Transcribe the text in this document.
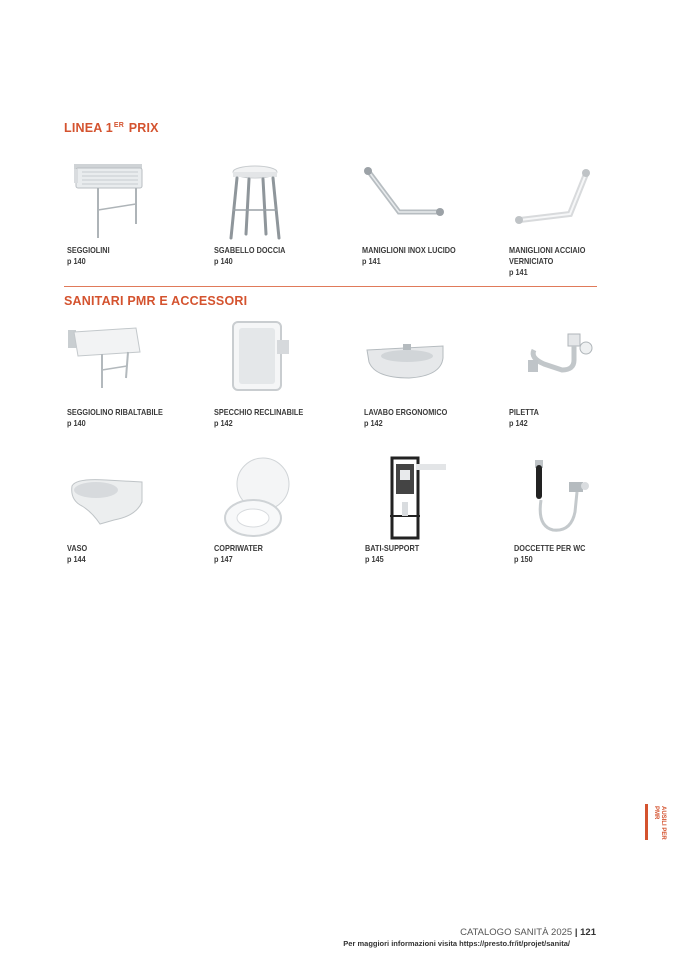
LINEA 1ER PRIX
SEGGIOLINI
p 140
SGABELLO DOCCIA
p 140
MANIGLIONI INOX LUCIDO
p 141
MANIGLIONI ACCIAIO
VERNICIATO
p 141
SANITARI PMR E ACCESSORI
SEGGIOLINO RIBALTABILE
p 140
SPECCHIO RECLINABILE
p 142
LAVABO ERGONOMICO
p 142
PILETTA
p 142
VASO
p 144
COPRIWATER
p 147
BATI-SUPPORT
p 145
DOCCETTE PER WC
p 150
AUSILI PER PMR
CATALOGO SANITÀ 2025 | 121
Per maggiori informazioni visita https://presto.fr/it/projet/sanita/
